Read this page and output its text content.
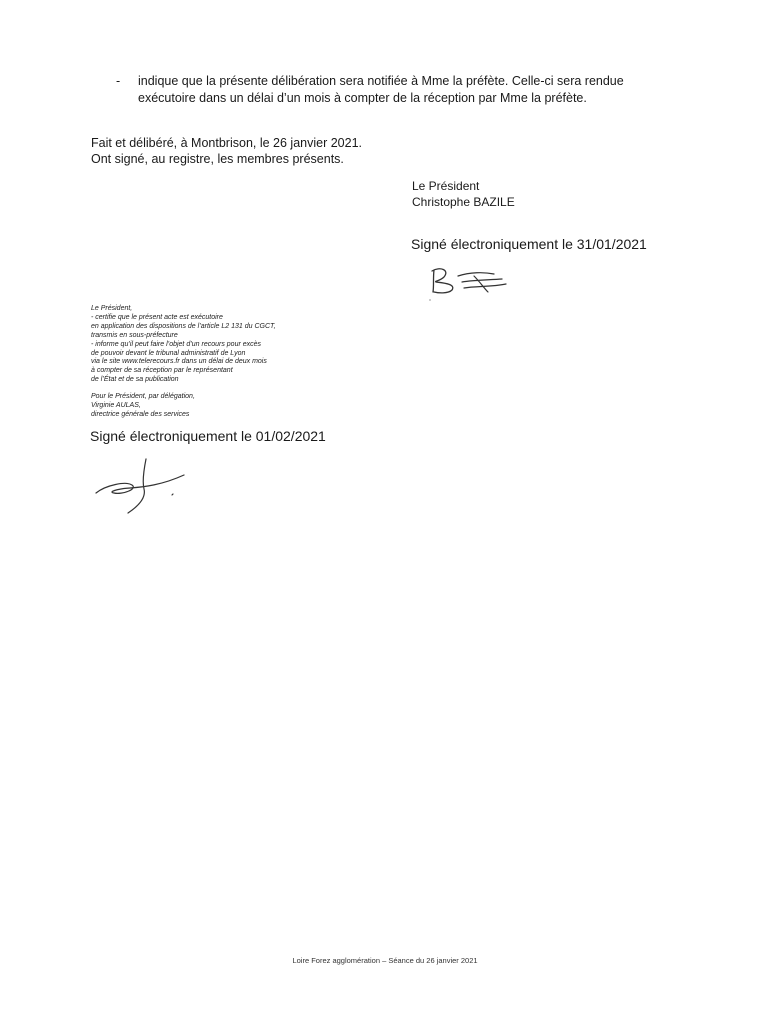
- indique que la présente délibération sera notifiée à Mme la préfète. Celle-ci sera rendue
exécutoire dans un délai d’un mois à compter de la réception par Mme la préfète.
Fait et délibéré, à Montbrison, le 26 janvier 2021.
Ont signé, au registre, les membres présents.
Le Président
Christophe BAZILE
Signé électroniquement le 31/01/2021
Le Président,
- certifie que le présent acte est exécutoire
en application des dispositions de l’article L2 131 du CGCT,
transmis en sous-préfecture
- informe qu’il peut faire l’objet d’un recours pour excès
de pouvoir devant le tribunal administratif de Lyon
via le site www.telerecours.fr dans un délai de deux mois
à compter de sa réception par le représentant
de l’État et de sa publication
Pour le Président, par délégation,
Virginie AULAS,
directrice générale des services
Signé électroniquement le 01/02/2021
Loire Forez agglomération – Séance du 26 janvier 2021
